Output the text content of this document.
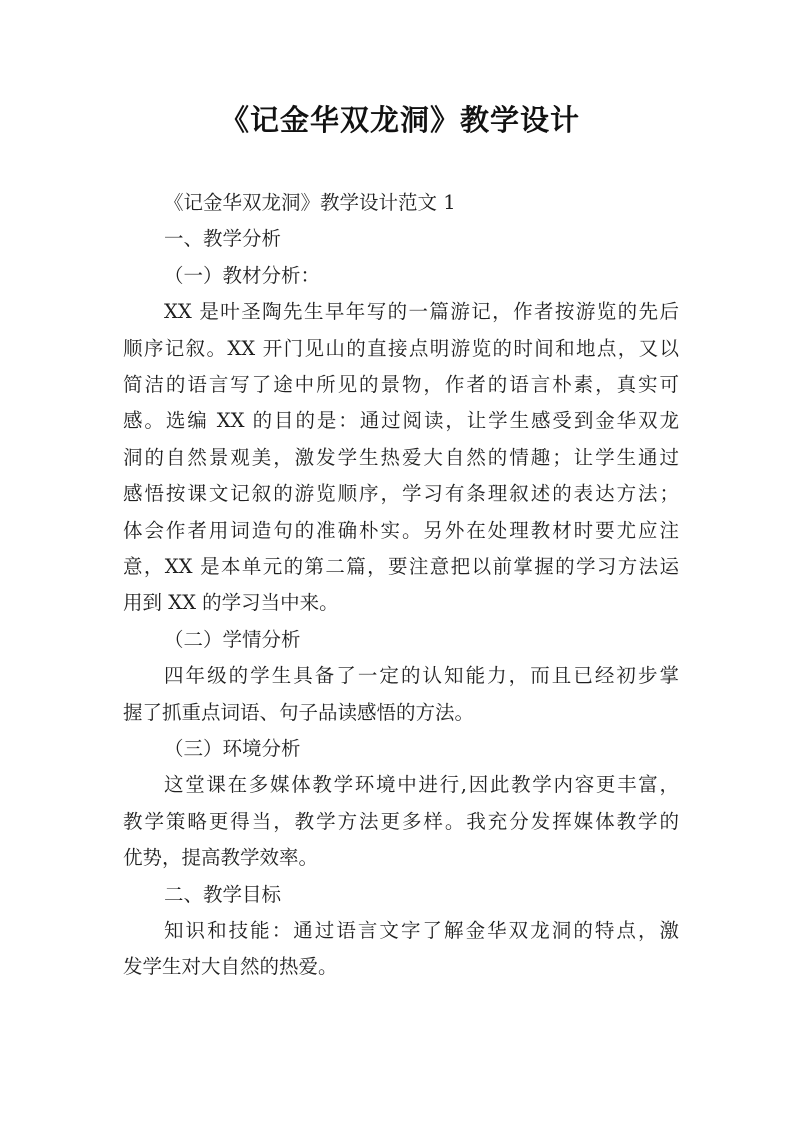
《记金华双龙洞》教学设计

《记金华双龙洞》教学设计范文 1

一、教学分析

（一）教材分析：

XX 是叶圣陶先生早年写的一篇游记，作者按游览的先后

顺序记叙。XX 开门见山的直接点明游览的时间和地点，又以

简洁的语言写了途中所见的景物，作者的语言朴素，真实可

感。选编 XX 的目的是：通过阅读，让学生感受到金华双龙

洞的自然景观美，激发学生热爱大自然的情趣；让学生通过

感悟按课文记叙的游览顺序，学习有条理叙述的表达方法；

体会作者用词造句的准确朴实。另外在处理教材时要尤应注

意，XX 是本单元的第二篇，要注意把以前掌握的学习方法运

用到 XX 的学习当中来。

（二）学情分析

四年级的学生具备了一定的认知能力，而且已经初步掌

握了抓重点词语、句子品读感悟的方法。

（三）环境分析

这堂课在多媒体教学环境中进行,因此教学内容更丰富，

教学策略更得当，教学方法更多样。我充分发挥媒体教学的

优势，提高教学效率。

二、教学目标

知识和技能：通过语言文字了解金华双龙洞的特点，激

发学生对大自然的热爱。
